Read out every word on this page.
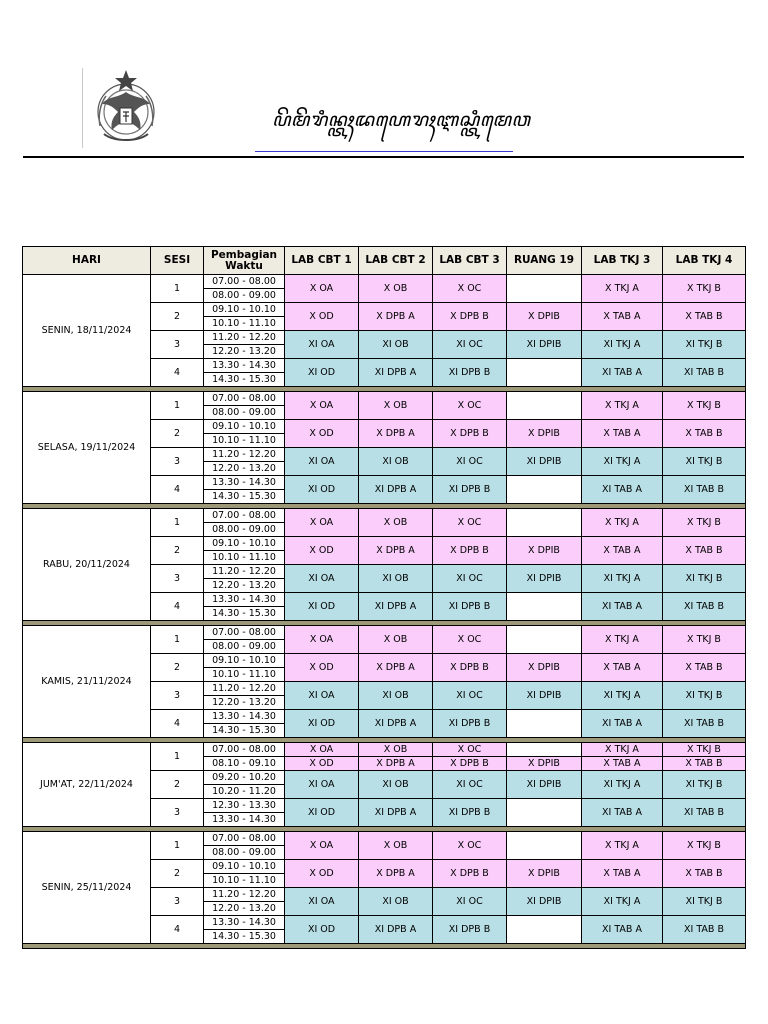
ꦥꦼꦩꦼꦫꦶꦤ꧀ꦠꦃꦢꦲꦺꦫꦃꦆꦱ꧀ꦠꦶꦩꦺꦮ
HARI	SESI	Pembagian Waktu	LAB CBT 1	LAB CBT 2	LAB CBT 3	RUANG 19	LAB TKJ 3	LAB TKJ 4
SENIN, 18/11/2024	1	07.00 - 08.00	X OA	X OB	X OC		X TKJ A	X TKJ B
		08.00 - 09.00						
	2	09.10 - 10.10	X OD	X DPB A	X DPB B	X DPIB	X TAB A	X TAB B
		10.10 - 11.10						
	3	11.20 - 12.20	XI OA	XI OB	XI OC	XI DPIB	XI TKJ A	XI TKJ B
		12.20 - 13.20						
	4	13.30 - 14.30	XI OD	XI DPB A	XI DPB B		XI TAB A	XI TAB B
		14.30 - 15.30						

SELASA, 19/11/2024	1	07.00 - 08.00	X OA	X OB	X OC		X TKJ A	X TKJ B
		08.00 - 09.00						
	2	09.10 - 10.10	X OD	X DPB A	X DPB B	X DPIB	X TAB A	X TAB B
		10.10 - 11.10						
	3	11.20 - 12.20	XI OA	XI OB	XI OC	XI DPIB	XI TKJ A	XI TKJ B
		12.20 - 13.20						
	4	13.30 - 14.30	XI OD	XI DPB A	XI DPB B		XI TAB A	XI TAB B
		14.30 - 15.30						

RABU, 20/11/2024	1	07.00 - 08.00	X OA	X OB	X OC		X TKJ A	X TKJ B
		08.00 - 09.00						
	2	09.10 - 10.10	X OD	X DPB A	X DPB B	X DPIB	X TAB A	X TAB B
		10.10 - 11.10						
	3	11.20 - 12.20	XI OA	XI OB	XI OC	XI DPIB	XI TKJ A	XI TKJ B
		12.20 - 13.20						
	4	13.30 - 14.30	XI OD	XI DPB A	XI DPB B		XI TAB A	XI TAB B
		14.30 - 15.30						

KAMIS, 21/11/2024	1	07.00 - 08.00	X OA	X OB	X OC		X TKJ A	X TKJ B
		08.00 - 09.00						
	2	09.10 - 10.10	X OD	X DPB A	X DPB B	X DPIB	X TAB A	X TAB B
		10.10 - 11.10						
	3	11.20 - 12.20	XI OA	XI OB	XI OC	XI DPIB	XI TKJ A	XI TKJ B
		12.20 - 13.20						
	4	13.30 - 14.30	XI OD	XI DPB A	XI DPB B		XI TAB A	XI TAB B
		14.30 - 15.30						

JUM'AT, 22/11/2024	1	07.00 - 08.00	X OA	X OB	X OC		X TKJ A	X TKJ B
		08.10 - 09.10	X OD	X DPB A	X DPB B	X DPIB	X TAB A	X TAB B
	2	09.20 - 10.20	XI OA	XI OB	XI OC	XI DPIB	XI TKJ A	XI TKJ B
		10.20 - 11.20						
	3	12.30 - 13.30	XI OD	XI DPB A	XI DPB B		XI TAB A	XI TAB B
		13.30 - 14.30						

SENIN, 25/11/2024	1	07.00 - 08.00	X OA	X OB	X OC		X TKJ A	X TKJ B
		08.00 - 09.00						
	2	09.10 - 10.10	X OD	X DPB A	X DPB B	X DPIB	X TAB A	X TAB B
		10.10 - 11.10						
	3	11.20 - 12.20	XI OA	XI OB	XI OC	XI DPIB	XI TKJ A	XI TKJ B
		12.20 - 13.20						
	4	13.30 - 14.30	XI OD	XI DPB A	XI DPB B		XI TAB A	XI TAB B
		14.30 - 15.30						
